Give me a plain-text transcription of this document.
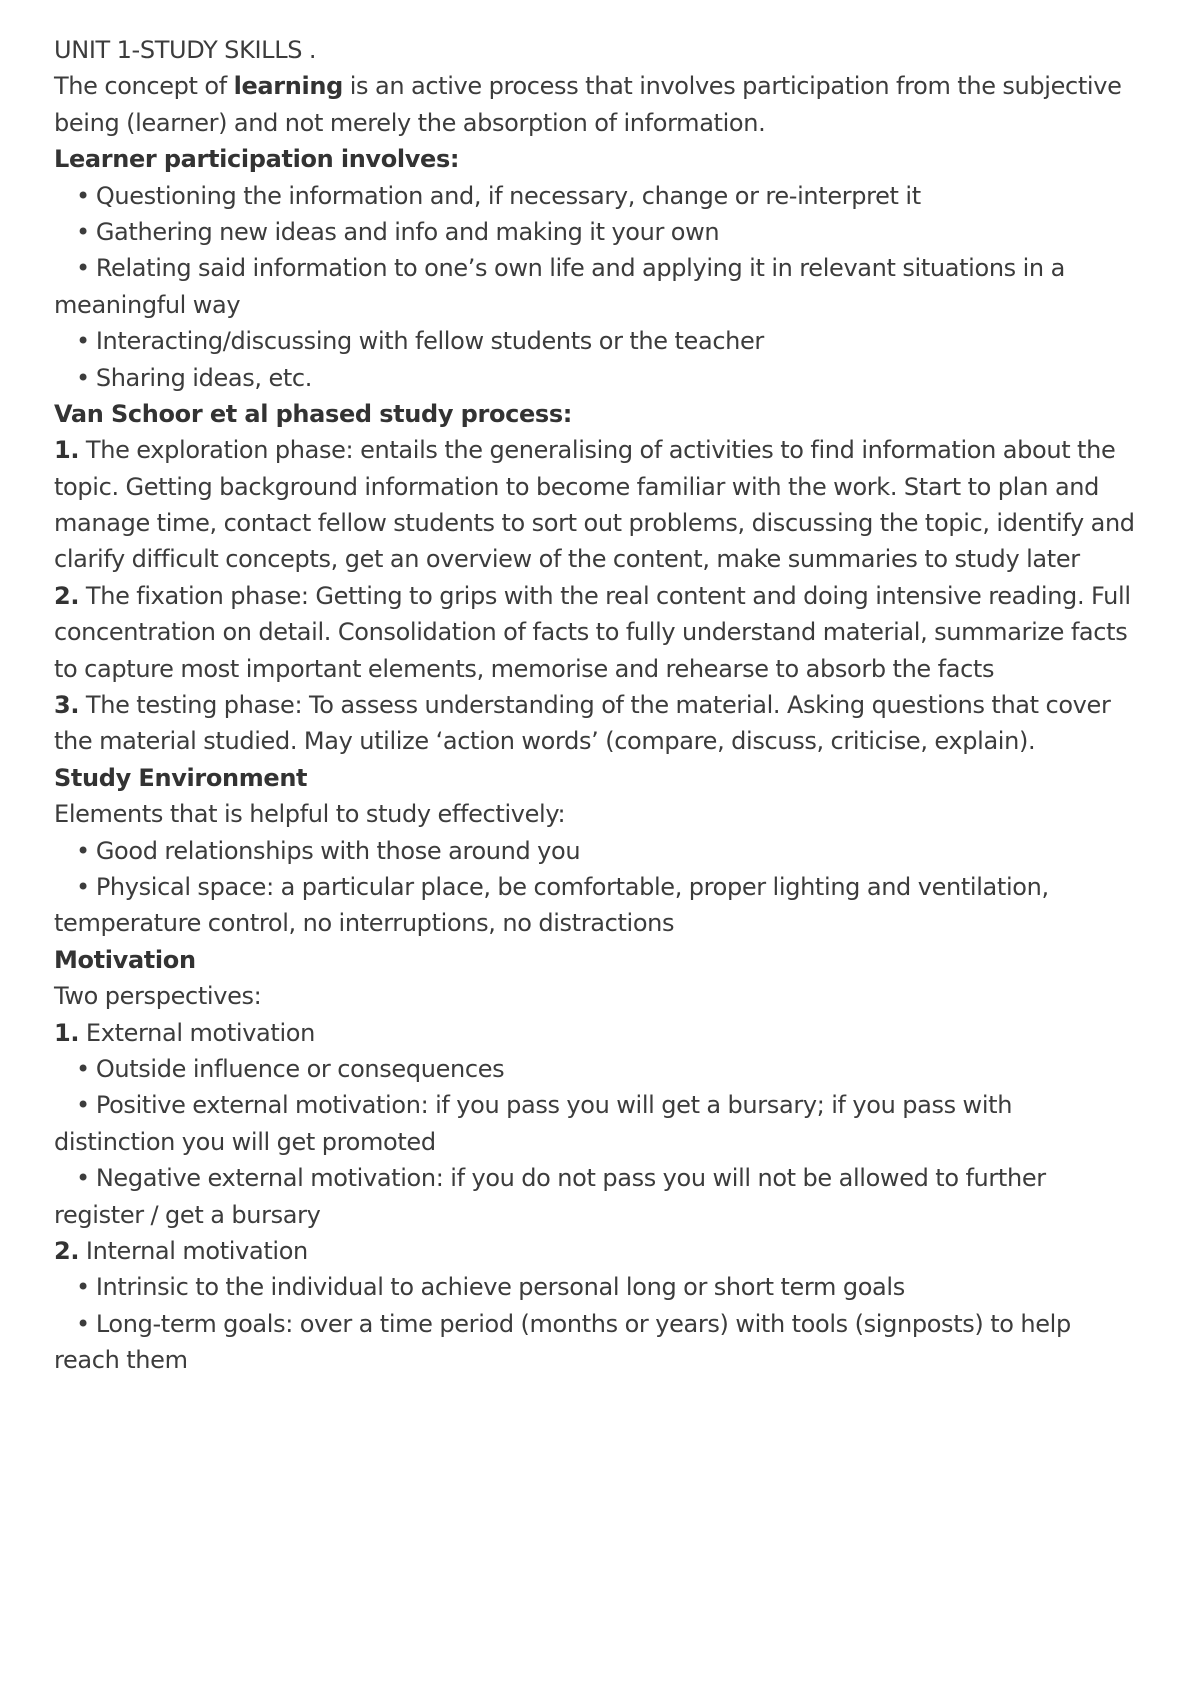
UNIT 1-STUDY SKILLS .
The concept of learning is an active process that involves participation from the subjective
being (learner) and not merely the absorption of information.
Learner participation involves:
• Questioning the information and, if necessary, change or re-interpret it
• Gathering new ideas and info and making it your own
• Relating said information to one’s own life and applying it in relevant situations in a
meaningful way
• Interacting/discussing with fellow students or the teacher
• Sharing ideas, etc.
Van Schoor et al phased study process:
1. The exploration phase: entails the generalising of activities to find information about the
topic. Getting background information to become familiar with the work. Start to plan and
manage time, contact fellow students to sort out problems, discussing the topic, identify and
clarify difficult concepts, get an overview of the content, make summaries to study later
2. The fixation phase: Getting to grips with the real content and doing intensive reading. Full
concentration on detail. Consolidation of facts to fully understand material, summarize facts
to capture most important elements, memorise and rehearse to absorb the facts
3. The testing phase: To assess understanding of the material. Asking questions that cover
the material studied. May utilize ‘action words’ (compare, discuss, criticise, explain).
Study Environment
Elements that is helpful to study effectively:
• Good relationships with those around you
• Physical space: a particular place, be comfortable, proper lighting and ventilation,
temperature control, no interruptions, no distractions
Motivation
Two perspectives:
1. External motivation
• Outside influence or consequences
• Positive external motivation: if you pass you will get a bursary; if you pass with
distinction you will get promoted
• Negative external motivation: if you do not pass you will not be allowed to further
register / get a bursary
2. Internal motivation
• Intrinsic to the individual to achieve personal long or short term goals
• Long-term goals: over a time period (months or years) with tools (signposts) to help
reach them
